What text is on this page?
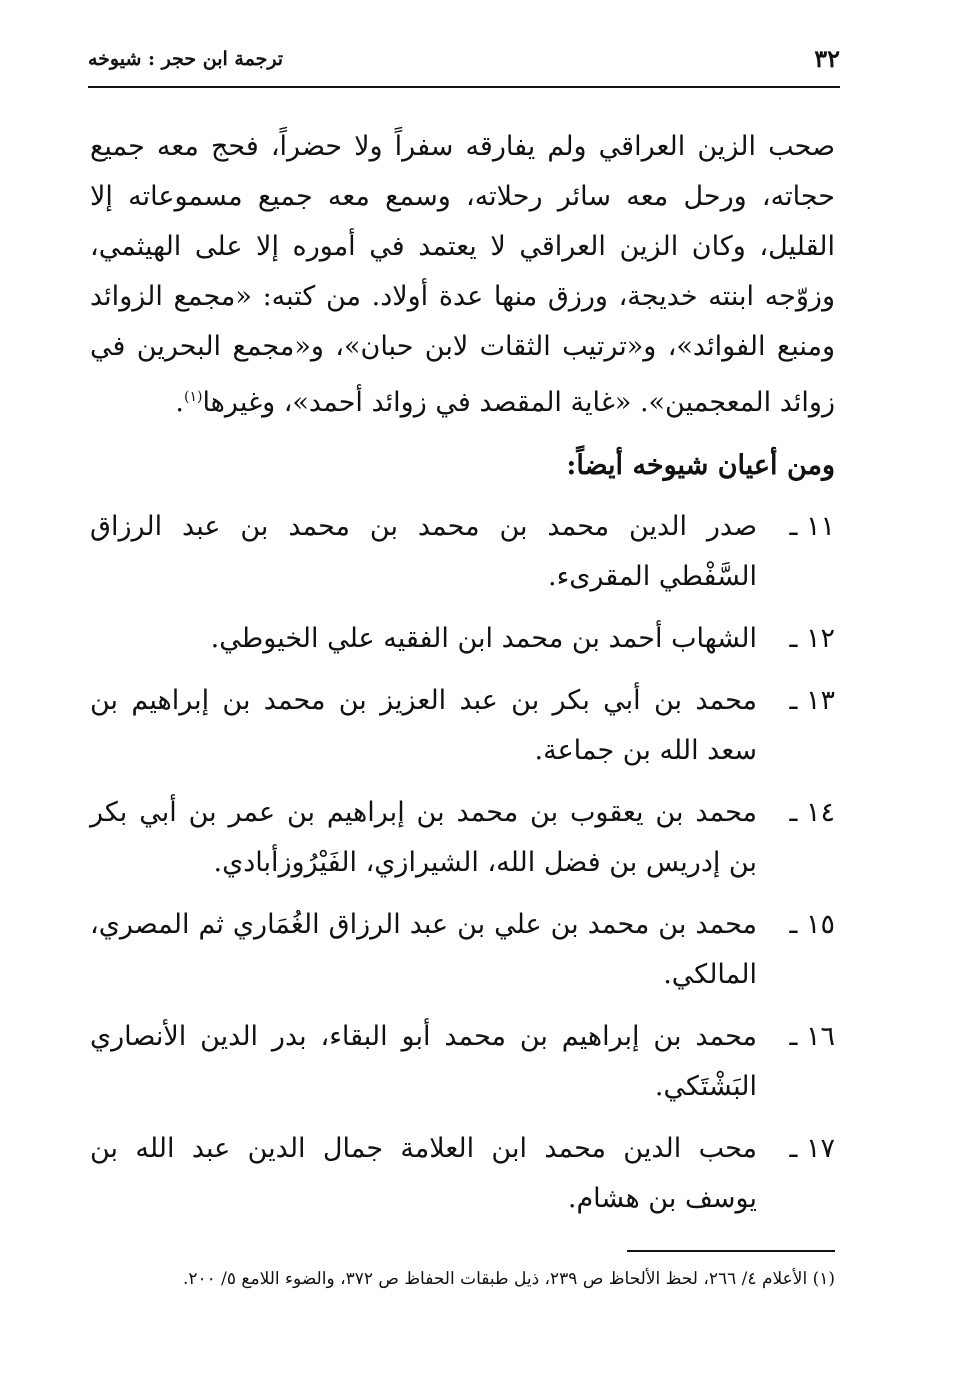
٣٢
ترجمة ابن حجر : شيوخه

صحب الزين العراقي ولم يفارقه سفراً ولا حضراً، فحج معه جميع حجاته، ورحل معه سائر رحلاته، وسمع معه جميع مسموعاته إلا القليل، وكان الزين العراقي لا يعتمد في أموره إلا على الهيثمي، وزوّجه ابنته خديجة، ورزق منها عدة أولاد. من كتبه: «مجمع الزوائد ومنبع الفوائد»، و«ترتيب الثقات لابن حبان»، و«مجمع البحرين في زوائد المعجمين». «غاية المقصد في زوائد أحمد»، وغيرها$^{(١)}$.

ومن أعيان شيوخه أيضاً:
١١ ـ
صدر الدين محمد بن محمد بن محمد بن عبد الرزاق السَّفْطي المقرىء.
١٢ ـ
الشهاب أحمد بن محمد ابن الفقيه علي الخيوطي.
١٣ ـ
محمد بن أبي بكر بن عبد العزيز بن محمد بن إبراهيم بن سعد الله بن جماعة.
١٤ ـ
محمد بن يعقوب بن محمد بن إبراهيم بن عمر بن أبي بكر بن إدريس بن فضل الله، الشيرازي، الفَيْرُوزأبادي.
١٥ ـ
محمد بن محمد بن علي بن عبد الرزاق الغُمَاري ثم المصري، المالكي.
١٦ ـ
محمد بن إبراهيم بن محمد أبو البقاء، بدر الدين الأنصاري البَشْتَكي.
١٧ ـ
محب الدين محمد ابن العلامة جمال الدين عبد الله بن يوسف بن هشام.
(١) الأعلام ٤/ ٢٦٦، لحظ الألحاظ ص ٢٣٩، ذيل طبقات الحفاظ ص ٣٧٢، والضوء اللامع ٥/ ٢٠٠.
